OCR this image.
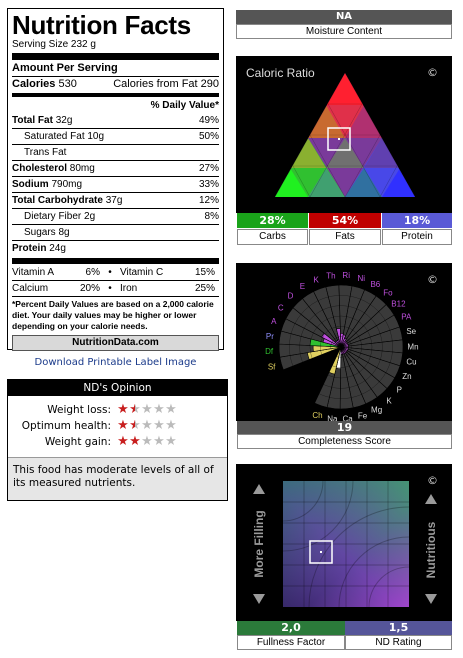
Nutrition Facts
Serving Size 232 g
Amount Per Serving
Calories 530	Calories from Fat 290
% Daily Value*
Total Fat 32g	49%
Saturated Fat 10g	50%
Trans Fat
Cholesterol 80mg	27%
Sodium 790mg	33%
Total Carbohydrate 37g	12%
Dietary Fiber 2g	8%
Sugars 8g
Protein 24g
Vitamin A	6% • Vitamin C	15%
Calcium	20% • Iron	25%
*Percent Daily Values are based on a 2,000 calorie diet. Your daily values may be higher or lower depending on your calorie needs.
NutritionData.com
Download Printable Label Image
ND's Opinion
Weight loss: ★ ★ ★ ★ ★
Optimum health: ★ ★ ★ ★ ★
Weight gain: ★ ★ ★ ★ ★
This food has moderate levels of all of its measured nutrients.
NA
Moisture Content
Caloric Ratio	©
28%	54%	18%
Carbs	Fats	Protein
©
Sf
Df
Pr
A
C
D
E
K Th Ri Ni
B6
Fo
B12
PA
Se
Mn
Cu
Zn
P
K
Mg
Fe
Ca
Na
Ch
19
Completeness Score
©
More Filling	Nutritious
2,0	1,5
Fullness Factor	ND Rating
